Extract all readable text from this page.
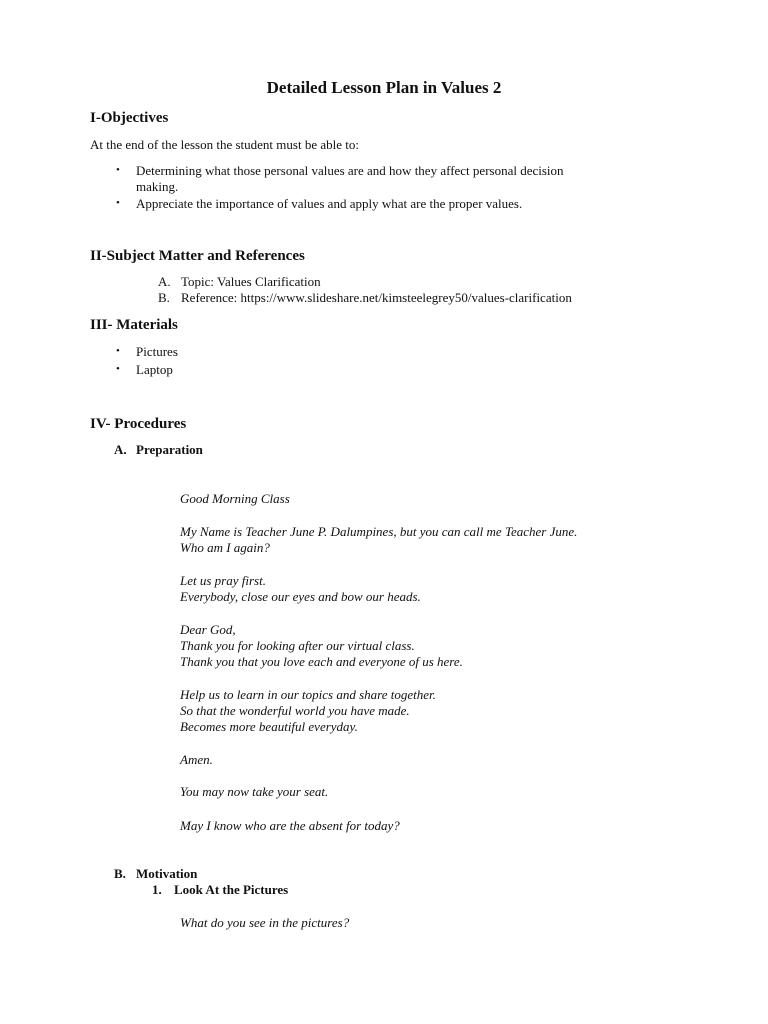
Detailed Lesson Plan in Values 2
I-Objectives
At the end of the lesson the student must be able to:
• Determining what those personal values are and how they affect personal decision
making.
• Appreciate the importance of values and apply what are the proper values.
II-Subject Matter and References
A. Topic: Values Clarification
B. Reference: https://www.slideshare.net/kimsteelegrey50/values-clarification
III- Materials
• Pictures
• Laptop
IV- Procedures
A. Preparation
Good Morning Class
My Name is Teacher June P. Dalumpines, but you can call me Teacher June.
Who am I again?
Let us pray first.
Everybody, close our eyes and bow our heads.
Dear God,
Thank you for looking after our virtual class.
Thank you that you love each and everyone of us here.
Help us to learn in our topics and share together.
So that the wonderful world you have made.
Becomes more beautiful everyday.
Amen.
You may now take your seat.
May I know who are the absent for today?
B. Motivation
1. Look At the Pictures
What do you see in the pictures?
